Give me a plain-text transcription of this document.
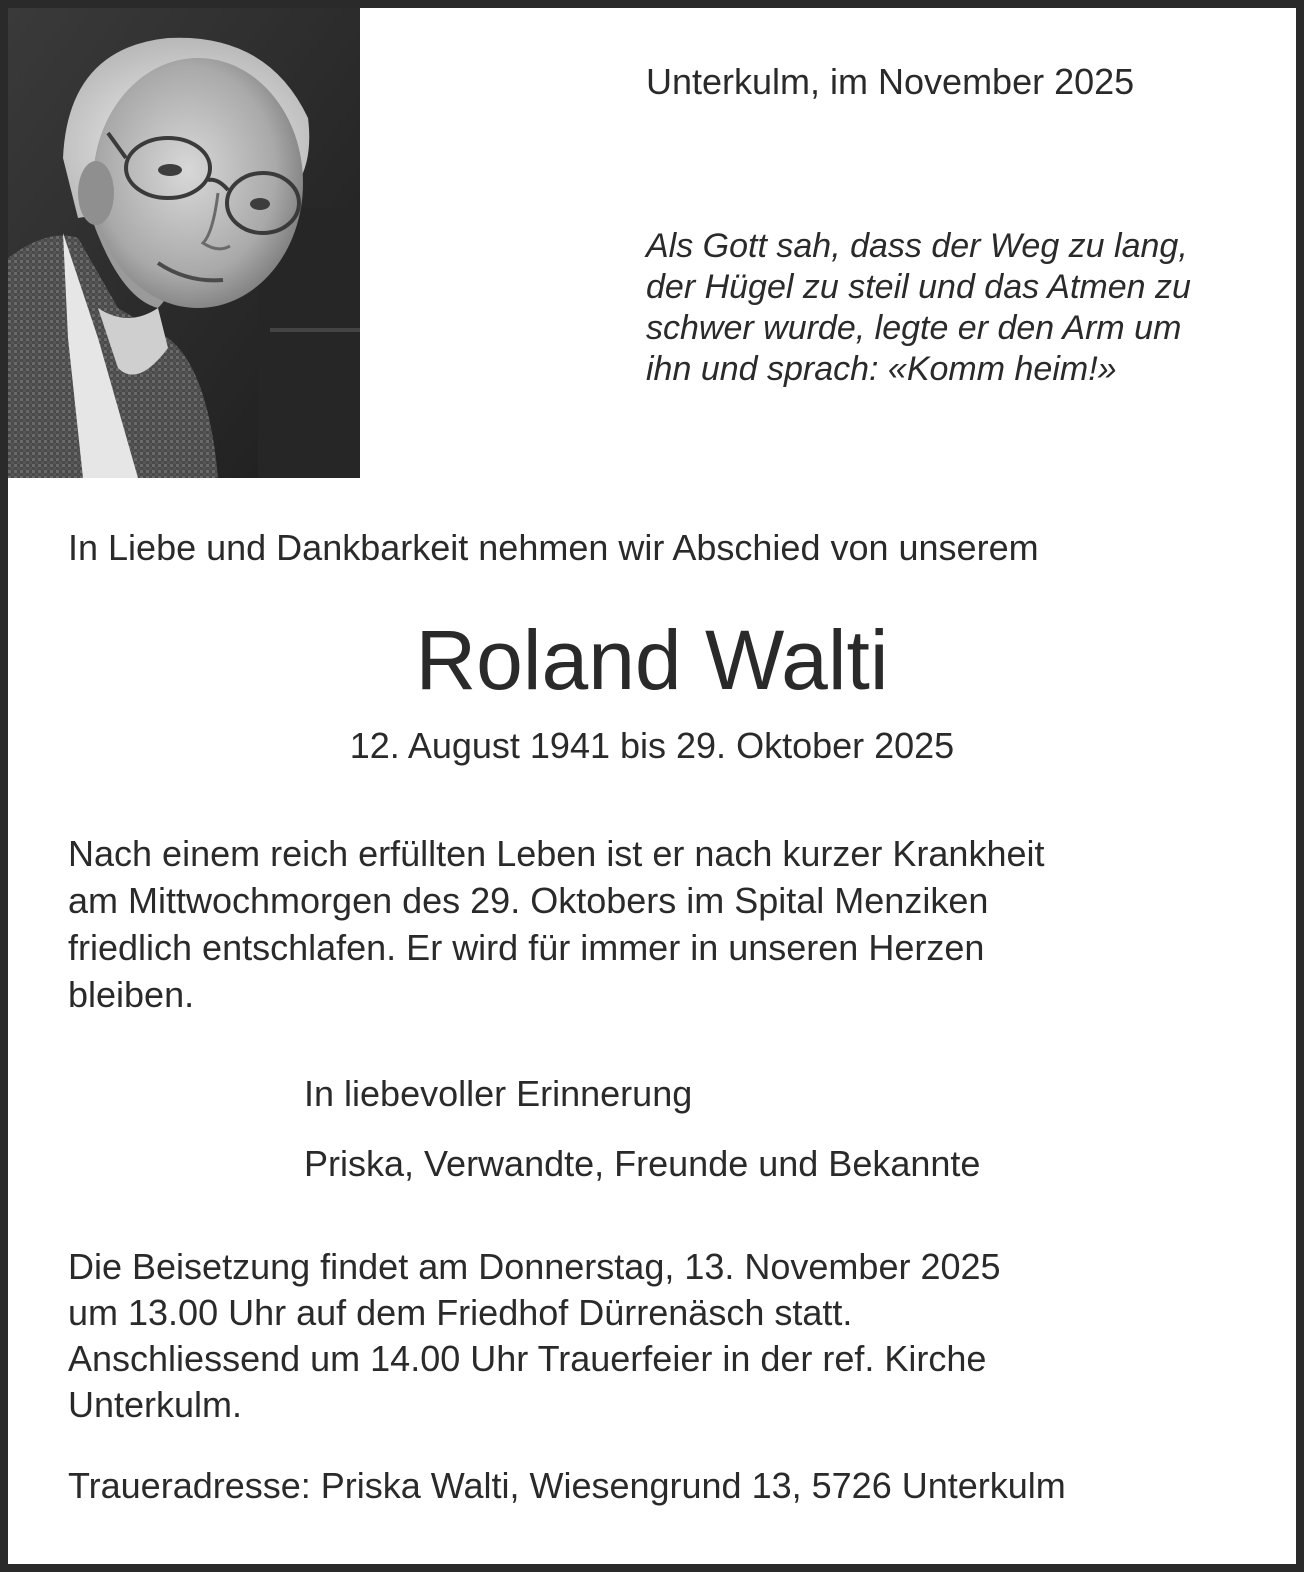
Unterkulm, im November 2025

Als Gott sah, dass der Weg zu lang,
der Hügel zu steil und das Atmen zu
schwer wurde, legte er den Arm um
ihn und sprach: «Komm heim!»

In Liebe und Dankbarkeit nehmen wir Abschied von unserem

Roland Walti

12. August 1941 bis 29. Oktober 2025

Nach einem reich erfüllten Leben ist er nach kurzer Krankheit
am Mittwochmorgen des 29. Oktobers im Spital Menziken
friedlich entschlafen. Er wird für immer in unseren Herzen
bleiben.

In liebevoller Erinnerung

Priska, Verwandte, Freunde und Bekannte

Die Beisetzung findet am Donnerstag, 13. November 2025
um 13.00 Uhr auf dem Friedhof Dürrenäsch statt.
Anschliessend um 14.00 Uhr Trauerfeier in der ref. Kirche
Unterkulm.

Traueradresse: Priska Walti, Wiesengrund 13, 5726 Unterkulm
